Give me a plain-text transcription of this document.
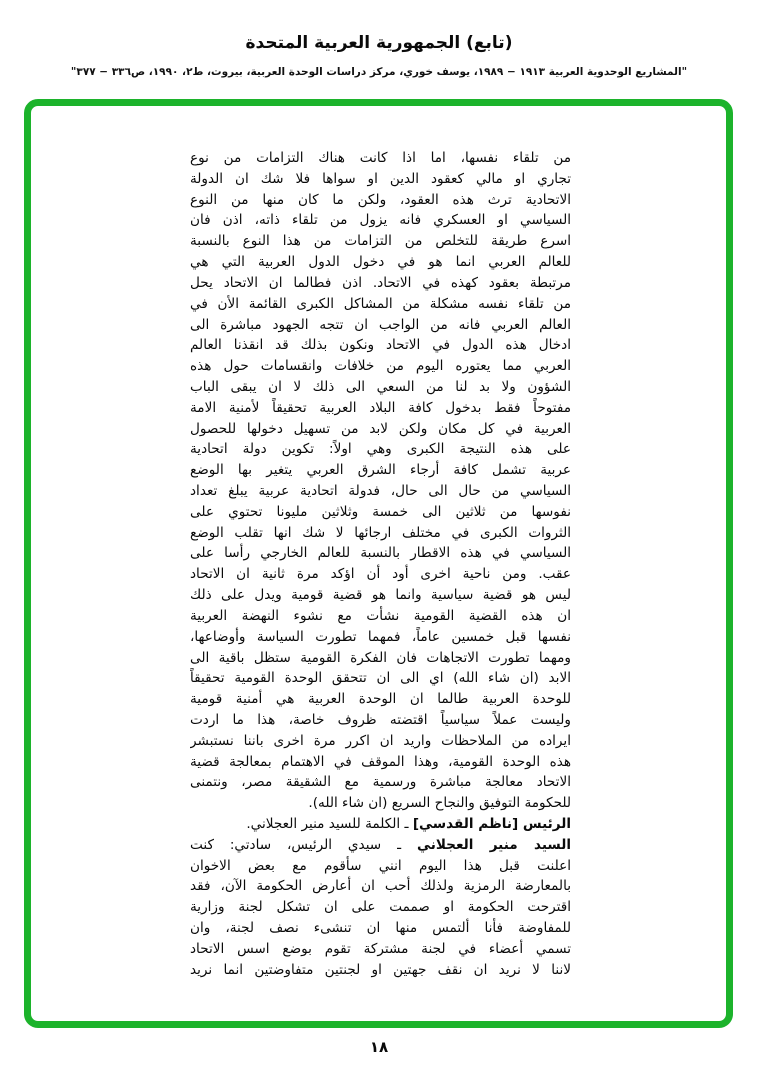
(تابع) الجمهورية العربية المتحدة
"المشاريع الوحدوية العربية ١٩١٣ − ١٩٨٩، يوسف خوري، مركز دراسات الوحدة العربية، بيروت، ط٢، ١٩٩٠، ص٣٣٦ − ٣٧٧"
من تلقاء نفسها، اما اذا كانت هناك التزامات من نوع
تجاري او مالي كعقود الدين او سواها فلا شك ان الدولة
الاتحادية ترث هذه العقود، ولكن ما كان منها من النوع
السياسي او العسكري فانه يزول من تلقاء ذاته، اذن فان
اسرع طريقة للتخلص من التزامات من هذا النوع بالنسبة
للعالم العربي انما هو في دخول الدول العربية التي هي
مرتبطة بعقود كهذه في الاتحاد. اذن فطالما ان الاتحاد يحل
من تلقاء نفسه مشكلة من المشاكل الكبرى القائمة الأن في
العالم العربي فانه من الواجب ان تتجه الجهود مباشرة الى
ادخال هذه الدول في الاتحاد ونكون بذلك قد انقذنا العالم
العربي مما يعتوره اليوم من خلافات وانقسامات حول هذه
الشؤون ولا بد لنا من السعي الى ذلك لا ان يبقى الباب
مفتوحاً فقط بدخول كافة البلاد العربية تحقيقاً لأمنية الامة
العربية في كل مكان ولكن لابد من تسهيل دخولها للحصول
على هذه النتيجة الكبرى وهي اولاً: تكوين دولة اتحادية
عربية تشمل كافة أرجاء الشرق العربي يتغير بها الوضع
السياسي من حال الى حال، فدولة اتحادية عربية يبلغ تعداد
نفوسها من ثلاثين الى خمسة وثلاثين مليونا تحتوي على
الثروات الكبرى في مختلف ارجائها لا شك انها تقلب الوضع
السياسي في هذه الاقطار بالنسبة للعالم الخارجي رأسا على
عقب. ومن ناحية اخرى أود أن اؤكد مرة ثانية ان الاتحاد
ليس هو قضية سياسية وانما هو قضية قومية ويدل على ذلك
ان هذه القضية القومية نشأت مع نشوء النهضة العربية
نفسها قبل خمسين عاماً، فمهما تطورت السياسة وأوضاعها،
ومهما تطورت الاتجاهات فان الفكرة القومية ستظل باقية الى
الابد (ان شاء الله) اي الى ان تتحقق الوحدة القومية تحقيقاً
للوحدة العربية طالما ان الوحدة العربية هي أمنية قومية
وليست عملاً سياسياً اقتضته ظروف خاصة، هذا ما اردت
ايراده من الملاحظات واريد ان اكرر مرة اخرى باننا نستبشر
هذه الوحدة القومية، وهذا الموقف في الاهتمام بمعالجة قضية
الاتحاد معالجة مباشرة ورسمية مع الشقيقة مصر، ونتمنى
للحكومة التوفيق والنجاح السريع (ان شاء الله).
الرئيس [ناظم القدسي] ـ الكلمة للسيد منير العجلاني.
السيد منير العجلاني ـ سيدي الرئيس، سادتي: كنت
اعلنت قبل هذا اليوم انني سأقوم مع بعض الاخوان
بالمعارضة الرمزية ولذلك أحب ان أعارض الحكومة الآن، فقد
اقترحت الحكومة او صممت على ان تشكل لجنة وزارية
للمفاوضة فأنا ألتمس منها ان تنشىء نصف لجنة، وان
تسمي أعضاء في لجنة مشتركة تقوم بوضع اسس الاتحاد
لاننا لا نريد ان نقف جهتين او لجنتين متفاوضتين انما نريد
١٨
